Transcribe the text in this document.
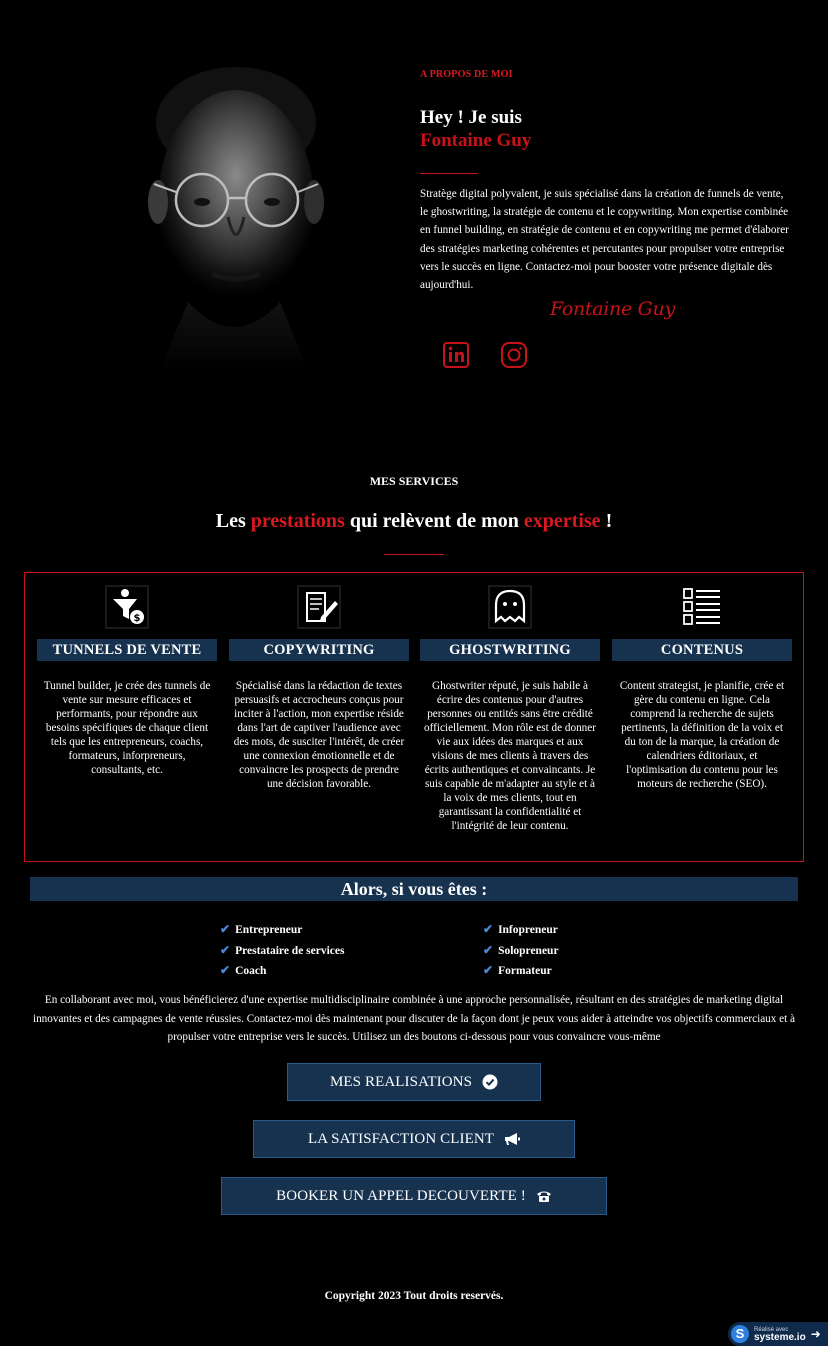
A PROPOS DE MOI
Hey ! Je suis
Fontaine Guy

Stratège digital polyvalent, je suis spécialisé dans la création de funnels de vente, le ghostwriting, la stratégie de contenu et le copywriting. Mon expertise combinée en funnel building, en stratégie de contenu et en copywriting me permet d'élaborer des stratégies marketing cohérentes et percutantes pour propulser votre entreprise vers le succès en ligne. Contactez-moi pour booster votre présence digitale dès aujourd'hui.

Fontaine Guy
MES SERVICES
Les prestations qui relèvent de mon expertise !
$
TUNNELS DE VENTE

Tunnel builder, je crée des tunnels de vente sur mesure efficaces et performants, pour répondre aux besoins spécifiques de chaque client tels que les entrepreneurs, coachs, formateurs, inforpreneurs, consultants, etc.

COPYWRITING

Spécialisé dans la rédaction de textes persuasifs et accrocheurs conçus pour inciter à l'action, mon expertise réside dans l'art de captiver l'audience avec des mots, de susciter l'intérêt, de créer une connexion émotionnelle et de convaincre les prospects de prendre une décision favorable.

GHOSTWRITING

Ghostwriter réputé, je suis habile à écrire des contenus pour d'autres personnes ou entités sans être crédité officiellement. Mon rôle est de donner vie aux idées des marques et aux visions de mes clients à travers des écrits authentiques et convaincants. Je suis capable de m'adapter au style et à la voix de mes clients, tout en garantissant la confidentialité et l'intégrité de leur contenu.

CONTENUS

Content strategist, je planifie, crée et gère du contenu en ligne. Cela comprend la recherche de sujets pertinents, la définition de la voix et du ton de la marque, la création de calendriers éditoriaux, et l'optimisation du contenu pour les moteurs de recherche (SEO).

Alors, si vous êtes :
✔ Entrepreneur
✔ Prestataire de services
✔ Coach
✔ Infopreneur
✔ Solopreneur
✔ Formateur

En collaborant avec moi, vous bénéficierez d'une expertise multidisciplinaire combinée à une approche personnalisée, résultant en des stratégies de marketing digital innovantes et des campagnes de vente réussies. Contactez-moi dès maintenant pour discuter de la façon dont je peux vous aider à atteindre vos objectifs commerciaux et à propulser votre entreprise vers le succès. Utilisez un des boutons ci-dessous pour vous convaincre vous-même

MES REALISATIONS
LA SATISFACTION CLIENT
BOOKER UN APPEL DECOUVERTE !
Copyright 2023 Tout droits reservés.
S	Réalisé avec
systeme.io ➜
